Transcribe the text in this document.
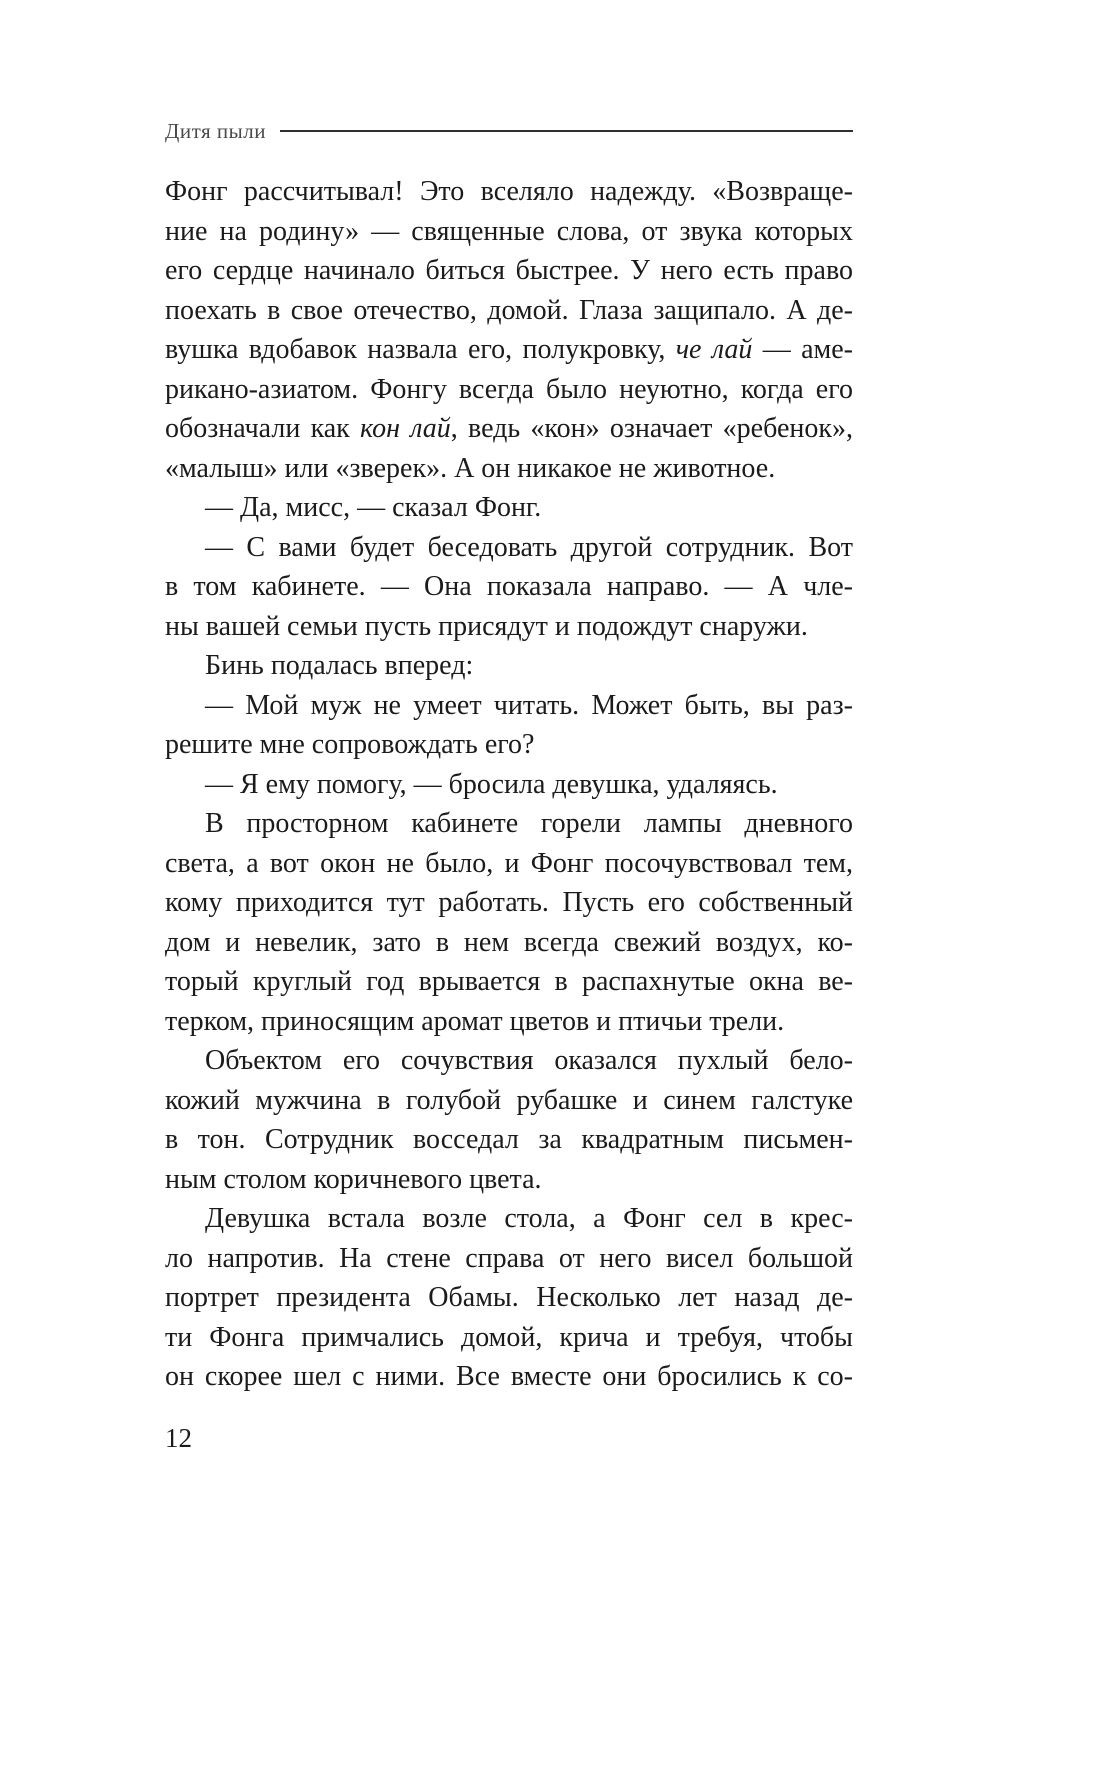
Дитя пыли
Фонг рассчитывал! Это вселяло надежду. «Возвраще-
ние на родину» — священные слова, от звука которых
его сердце начинало биться быстрее. У него есть право
поехать в свое отечество, домой. Глаза защипало. А де-
вушка вдобавок назвала его, полукровку, че лай — аме-
рикано-азиатом. Фонгу всегда было неуютно, когда его
обозначали как кон лай, ведь «кон» означает «ребенок»,
«малыш» или «зверек». А он никакое не животное.
— Да, мисс, — сказал Фонг.
— С вами будет беседовать другой сотрудник. Вот
в том кабинете. — Она показала направо. — А чле-
ны вашей семьи пусть присядут и подождут снаружи.
Бинь подалась вперед:
— Мой муж не умеет читать. Может быть, вы раз-
решите мне сопровождать его?
— Я ему помогу, — бросила девушка, удаляясь.
В просторном кабинете горели лампы дневного
света, а вот окон не было, и Фонг посочувствовал тем,
кому приходится тут работать. Пусть его собственный
дом и невелик, зато в нем всегда свежий воздух, ко-
торый круглый год врывается в распахнутые окна ве-
терком, приносящим аромат цветов и птичьи трели.
Объектом его сочувствия оказался пухлый бело-
кожий мужчина в голубой рубашке и синем галстуке
в тон. Сотрудник восседал за квадратным письмен-
ным столом коричневого цвета.
Девушка встала возле стола, а Фонг сел в крес-
ло напротив. На стене справа от него висел большой
портрет президента Обамы. Несколько лет назад де-
ти Фонга примчались домой, крича и требуя, чтобы
он скорее шел с ними. Все вместе они бросились к со-
12
